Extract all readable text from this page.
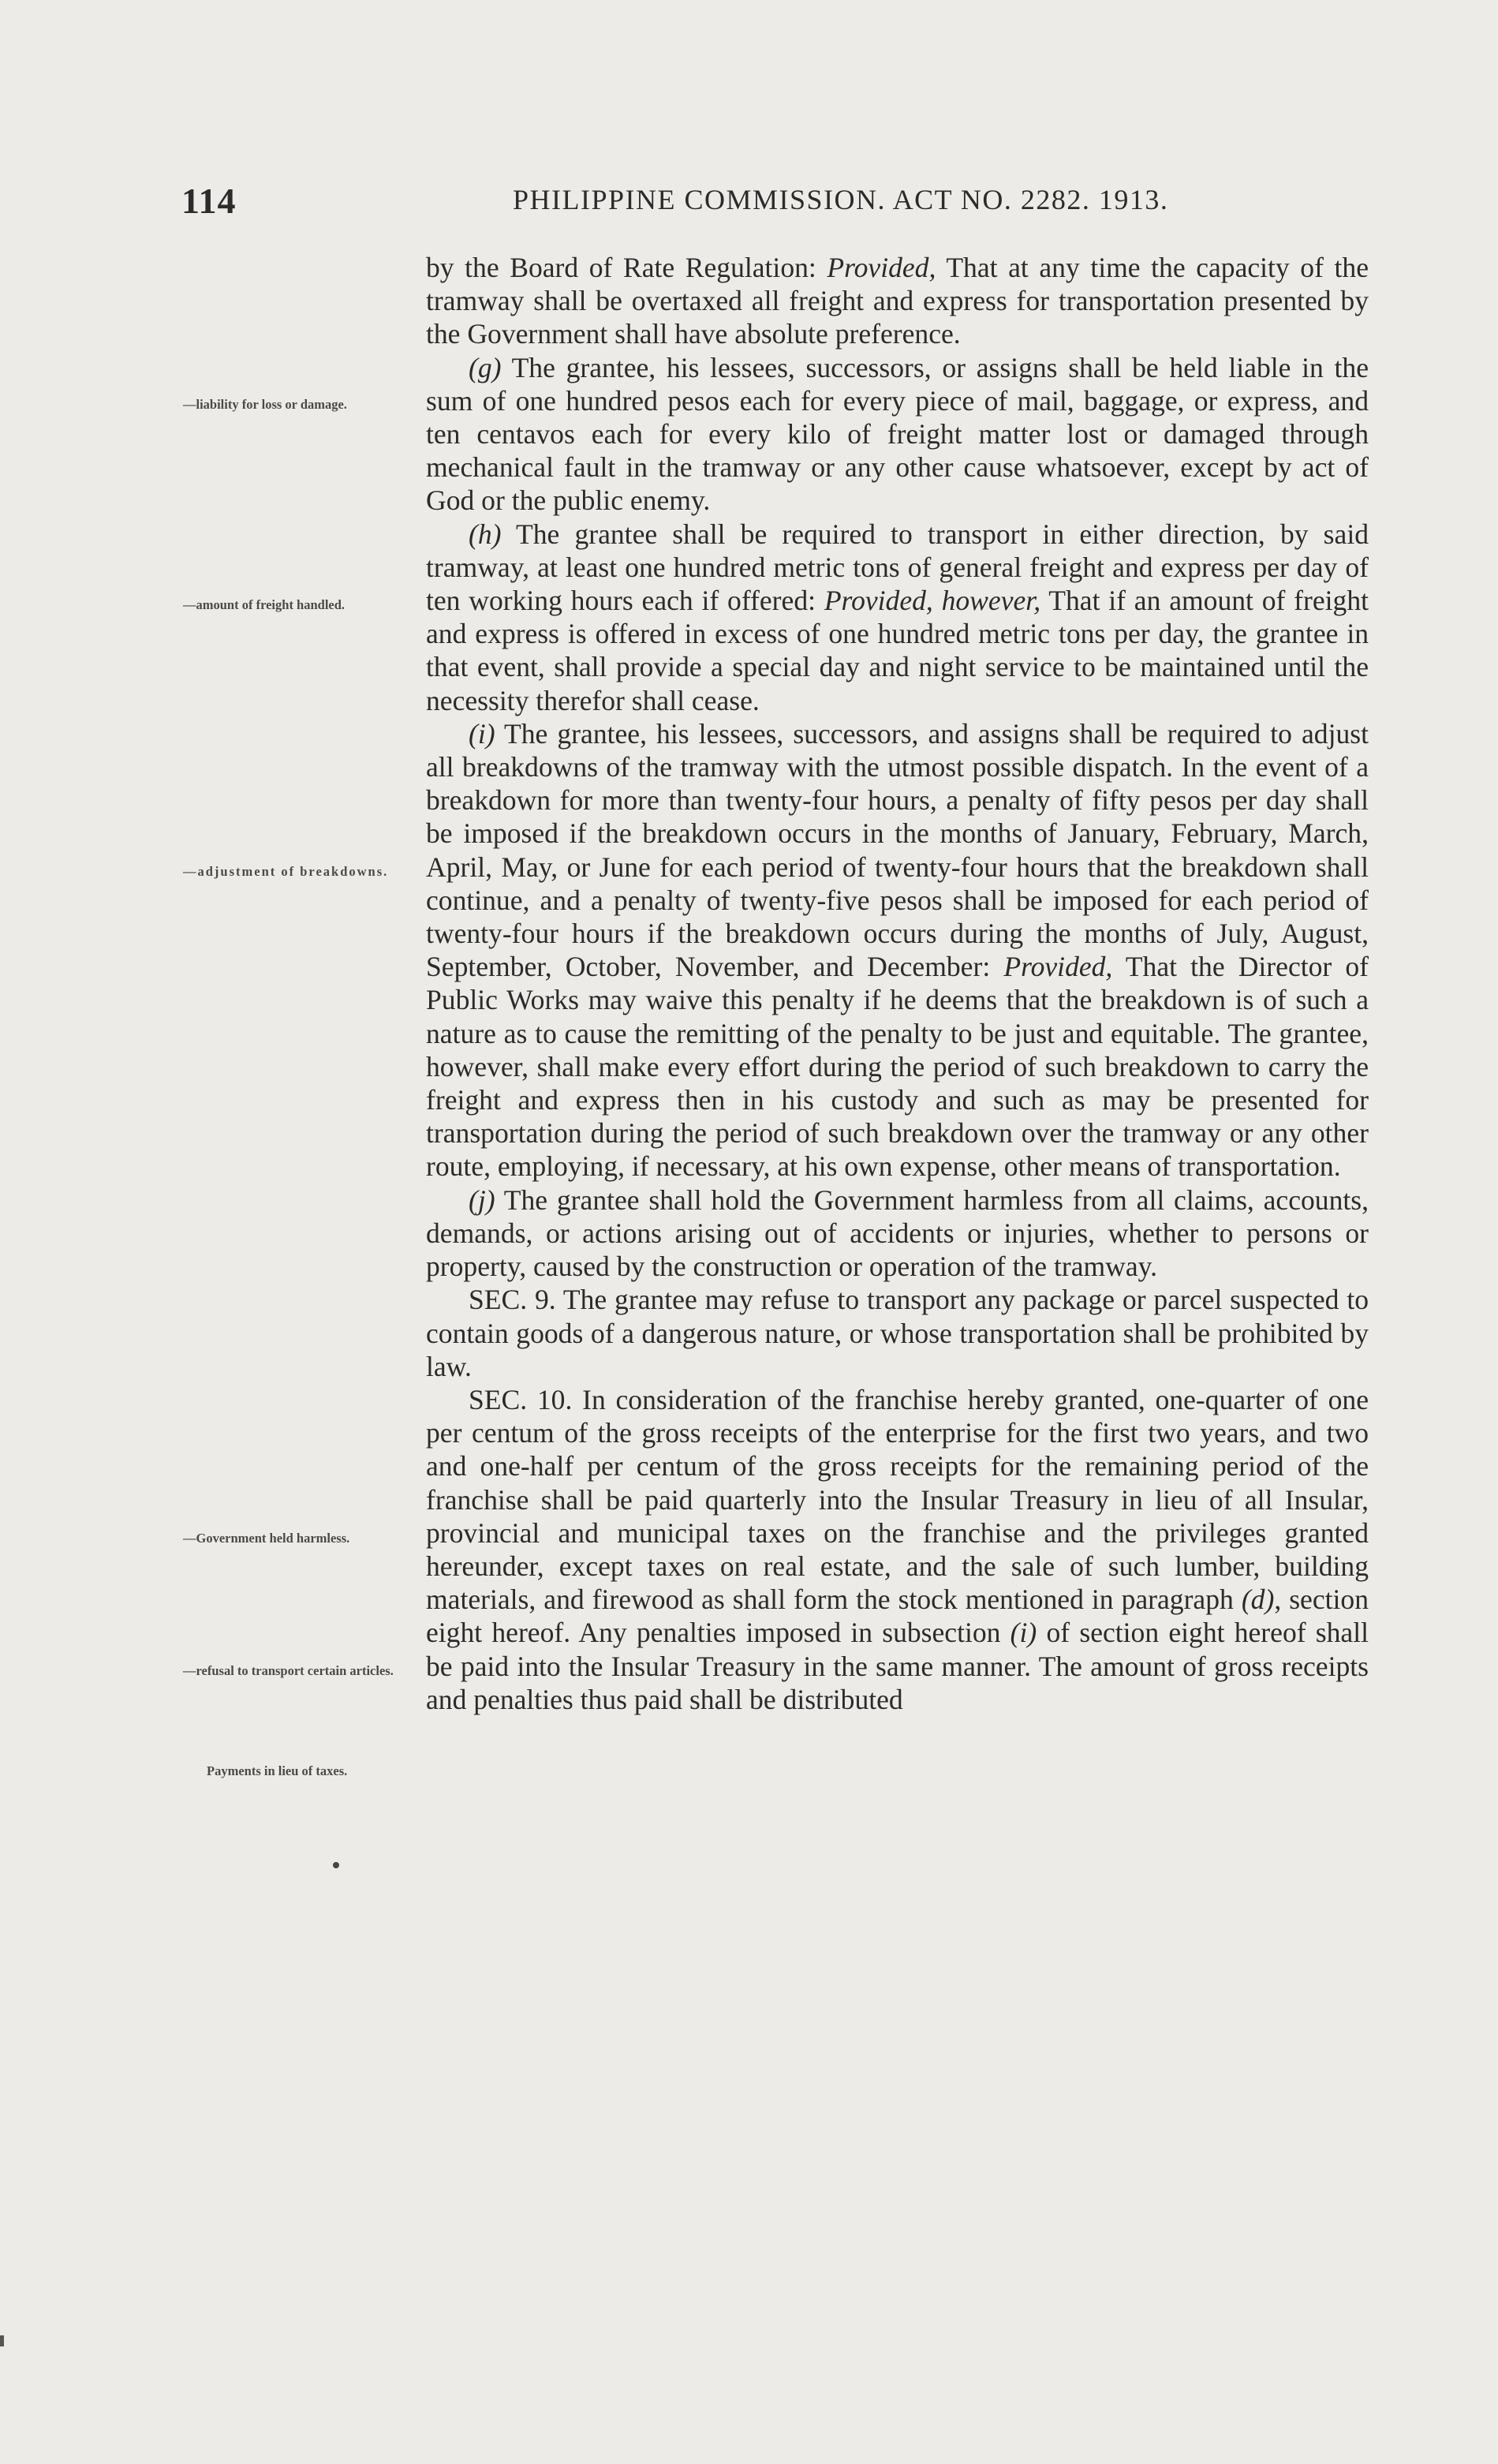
114	PHILIPPINE COMMISSION. ACT NO. 2282. 1913.
—liability for loss or damage.
—amount of freight handled.
—adjustment of breakdowns.
—Government held harmless.
—refusal to transport certain articles.
Payments in lieu of taxes.

by the Board of Rate Regulation: Provided, That at any time the capacity of the tramway shall be overtaxed all freight and express for transportation presented by the Government shall have absolute preference.

(g) The grantee, his lessees, successors, or assigns shall be held liable in the sum of one hundred pesos each for every piece of mail, baggage, or express, and ten centavos each for every kilo of freight matter lost or damaged through mechanical fault in the tramway or any other cause whatsoever, except by act of God or the public enemy.

(h) The grantee shall be required to transport in either direction, by said tramway, at least one hundred metric tons of general freight and express per day of ten working hours each if offered: Provided, however, That if an amount of freight and express is offered in excess of one hundred metric tons per day, the grantee in that event, shall provide a special day and night service to be maintained until the necessity therefor shall cease.

(i) The grantee, his lessees, successors, and assigns shall be required to adjust all breakdowns of the tramway with the utmost possible dispatch. In the event of a breakdown for more than twenty-four hours, a penalty of fifty pesos per day shall be imposed if the breakdown occurs in the months of January, February, March, April, May, or June for each period of twenty-four hours that the breakdown shall continue, and a penalty of twenty-five pesos shall be imposed for each period of twenty-four hours if the breakdown occurs during the months of July, August, September, October, November, and December: Provided, That the Director of Public Works may waive this penalty if he deems that the breakdown is of such a nature as to cause the remitting of the penalty to be just and equitable. The grantee, however, shall make every effort during the period of such breakdown to carry the freight and express then in his custody and such as may be presented for transportation during the period of such breakdown over the tramway or any other route, employing, if necessary, at his own expense, other means of transportation.

(j) The grantee shall hold the Government harmless from all claims, accounts, demands, or actions arising out of accidents or injuries, whether to persons or property, caused by the construction or operation of the tramway.

SEC. 9. The grantee may refuse to transport any package or parcel suspected to contain goods of a dangerous nature, or whose transportation shall be prohibited by law.

SEC. 10. In consideration of the franchise hereby granted, one-quarter of one per centum of the gross receipts of the enterprise for the first two years, and two and one-half per centum of the gross receipts for the remaining period of the franchise shall be paid quarterly into the Insular Treasury in lieu of all Insular, provincial and municipal taxes on the franchise and the privileges granted hereunder, except taxes on real estate, and the sale of such lumber, building materials, and firewood as shall form the stock mentioned in paragraph (d), section eight hereof. Any penalties imposed in subsection (i) of section eight hereof shall be paid into the Insular Treasury in the same manner. The amount of gross receipts and penalties thus paid shall be distributed
